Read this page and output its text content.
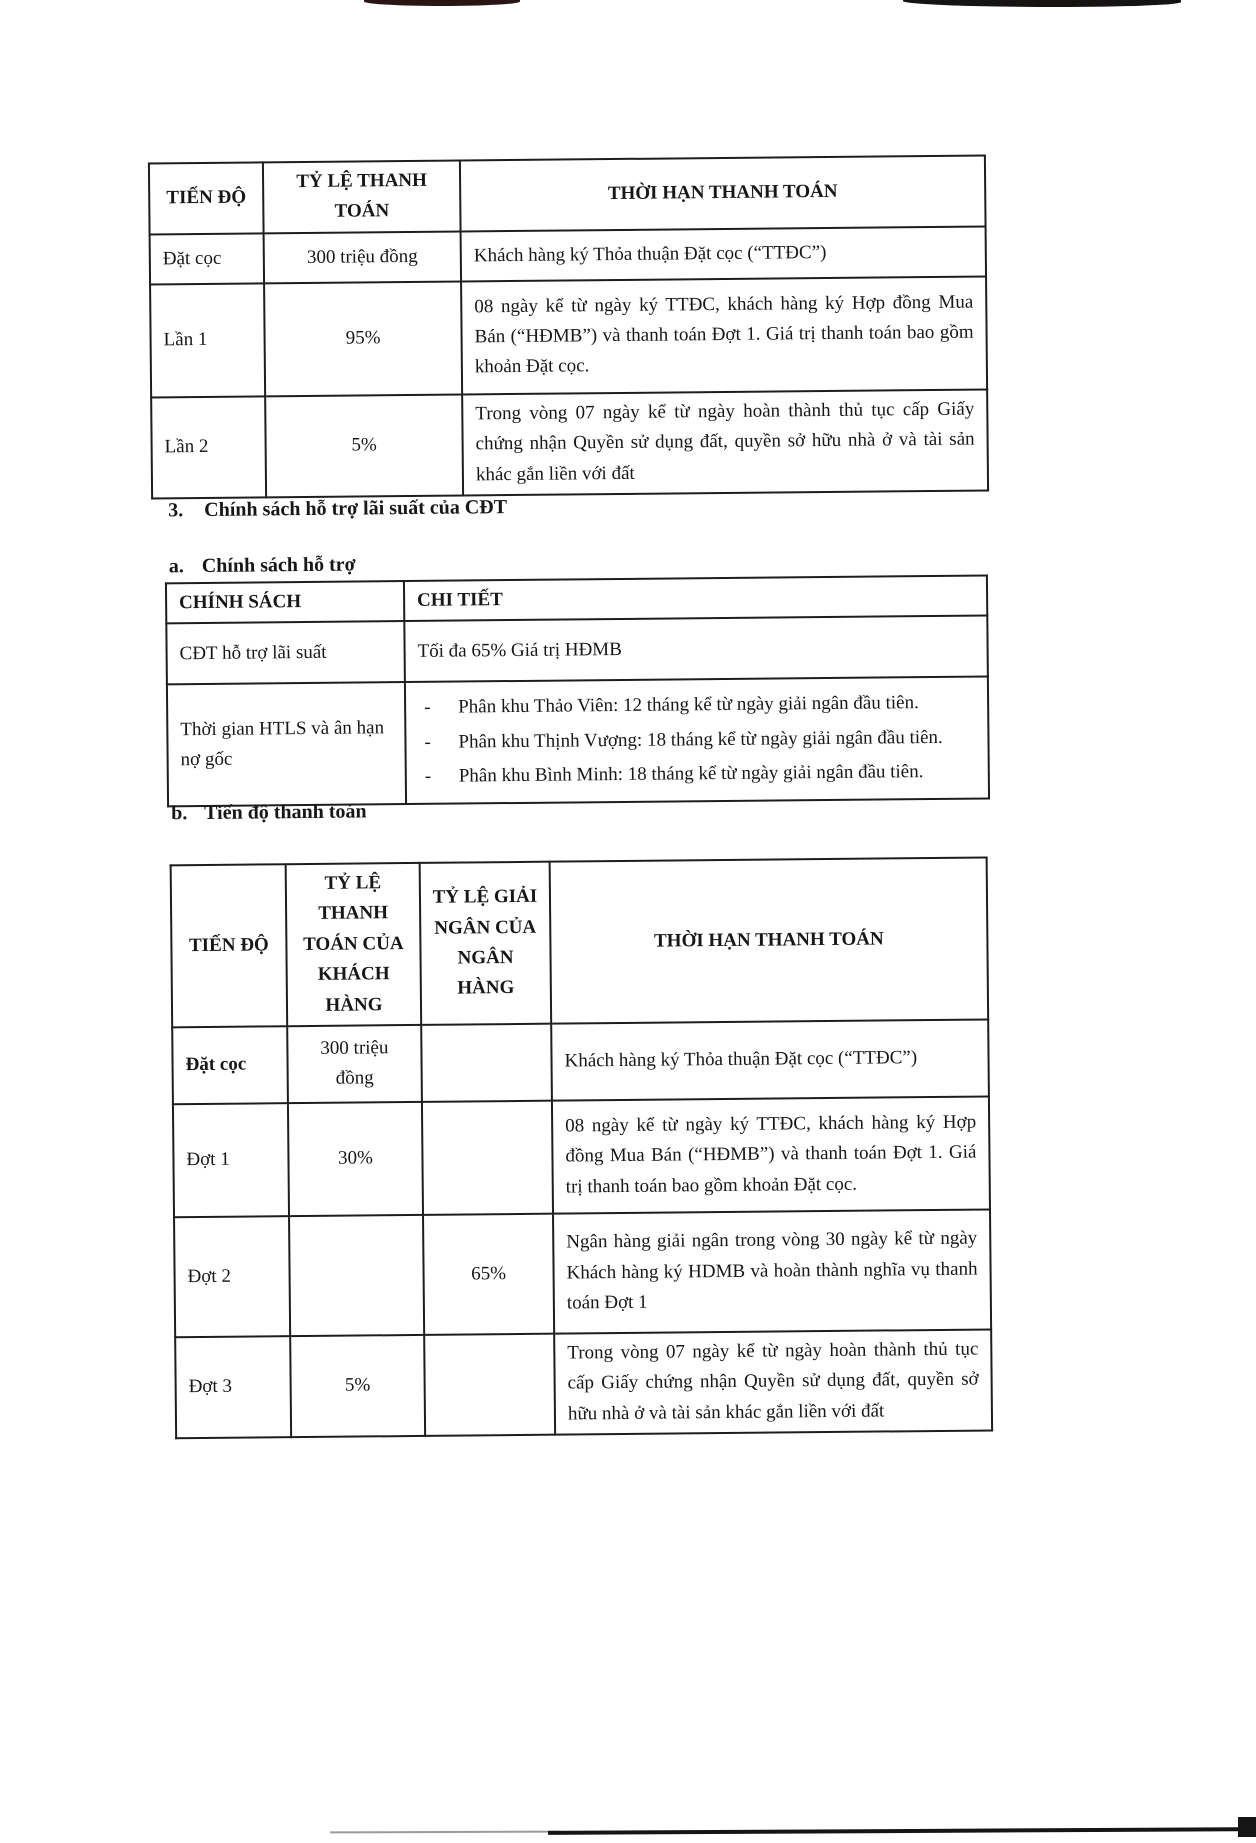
TIẾN ĐỘ	TỶ LỆ THANH TOÁN	THỜI HẠN THANH TOÁN
Đặt cọc	300 triệu đồng	Khách hàng ký Thỏa thuận Đặt cọc (“TTĐC”)
Lần 1	95%	08 ngày kể từ ngày ký TTĐC, khách hàng ký Hợp đồng Mua Bán (“HĐMB”) và thanh toán Đợt 1. Giá trị thanh toán bao gồm khoản Đặt cọc.
Lần 2	5%	Trong vòng 07 ngày kể từ ngày hoàn thành thủ tục cấp Giấy chứng nhận Quyền sử dụng đất, quyền sở hữu nhà ở và tài sản khác gắn liền với đất
3. Chính sách hỗ trợ lãi suất của CĐT
a. Chính sách hỗ trợ
CHÍNH SÁCH	CHI TIẾT
CĐT hỗ trợ lãi suất	Tối đa 65% Giá trị HĐMB
Thời gian HTLS và ân hạn nợ gốc	
-	Phân khu Thảo Viên: 12 tháng kể từ ngày giải ngân đầu tiên.
-	Phân khu Thịnh Vượng: 18 tháng kể từ ngày giải ngân đầu tiên.
-	Phân khu Bình Minh: 18 tháng kể từ ngày giải ngân đầu tiên.
b. Tiến độ thanh toán
TIẾN ĐỘ	TỶ LỆ THANH TOÁN CỦA KHÁCH HÀNG	TỶ LỆ GIẢI NGÂN CỦA NGÂN HÀNG	THỜI HẠN THANH TOÁN
Đặt cọc	300 triệu đồng		Khách hàng ký Thỏa thuận Đặt cọc (“TTĐC”)
Đợt 1	30%		08 ngày kể từ ngày ký TTĐC, khách hàng ký Hợp đồng Mua Bán (“HĐMB”) và thanh toán Đợt 1. Giá trị thanh toán bao gồm khoản Đặt cọc.
Đợt 2		65%	Ngân hàng giải ngân trong vòng 30 ngày kể từ ngày Khách hàng ký HDMB và hoàn thành nghĩa vụ thanh toán Đợt 1
Đợt 3	5%		Trong vòng 07 ngày kể từ ngày hoàn thành thủ tục cấp Giấy chứng nhận Quyền sử dụng đất, quyền sở hữu nhà ở và tài sản khác gắn liền với đất
